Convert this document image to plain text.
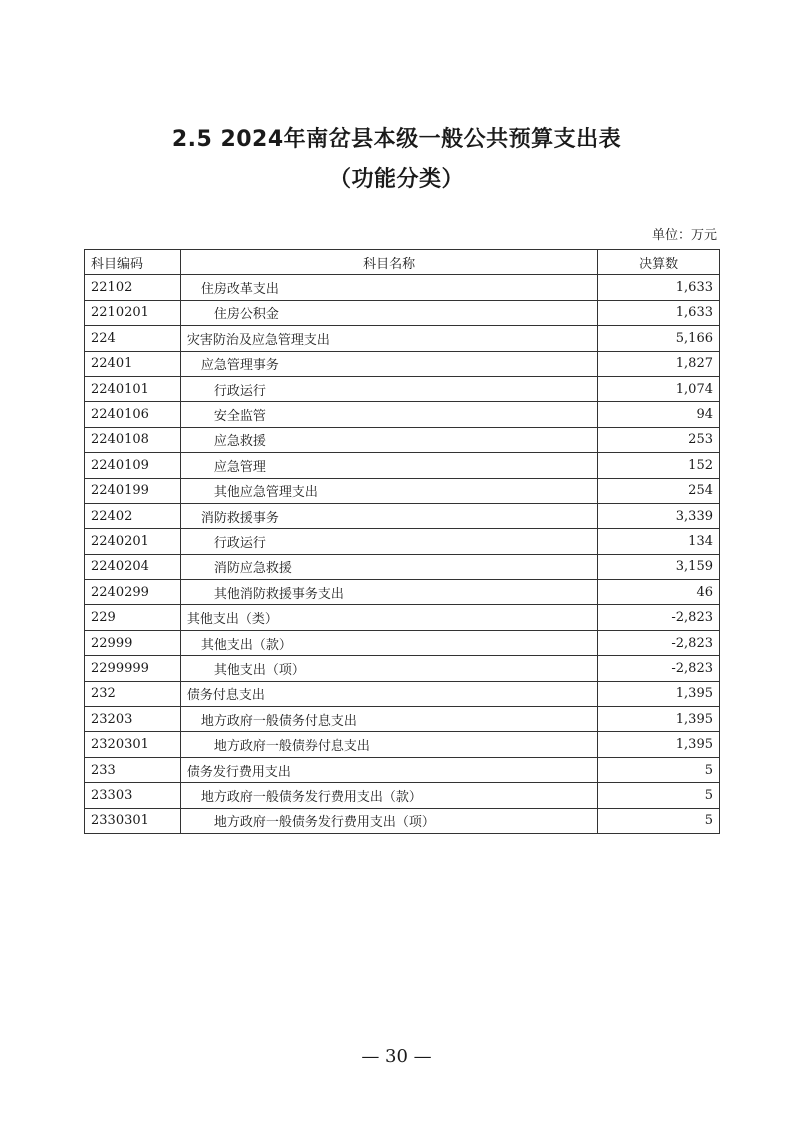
2.5 2024年南岔县本级一般公共预算支出表
（功能分类）
单位：万元
科目编码	科目名称	决算数
22102	住房改革支出	1,633
2210201	住房公积金	1,633
224	灾害防治及应急管理支出	5,166
22401	应急管理事务	1,827
2240101	行政运行	1,074
2240106	安全监管	94
2240108	应急救援	253
2240109	应急管理	152
2240199	其他应急管理支出	254
22402	消防救援事务	3,339
2240201	行政运行	134
2240204	消防应急救援	3,159
2240299	其他消防救援事务支出	46
229	其他支出（类）	-2,823
22999	其他支出（款）	-2,823
2299999	其他支出（项）	-2,823
232	债务付息支出	1,395
23203	地方政府一般债务付息支出	1,395
2320301	地方政府一般债券付息支出	1,395
233	债务发行费用支出	5
23303	地方政府一般债务发行费用支出（款）	5
2330301	地方政府一般债务发行费用支出（项）	5
— 30 —
